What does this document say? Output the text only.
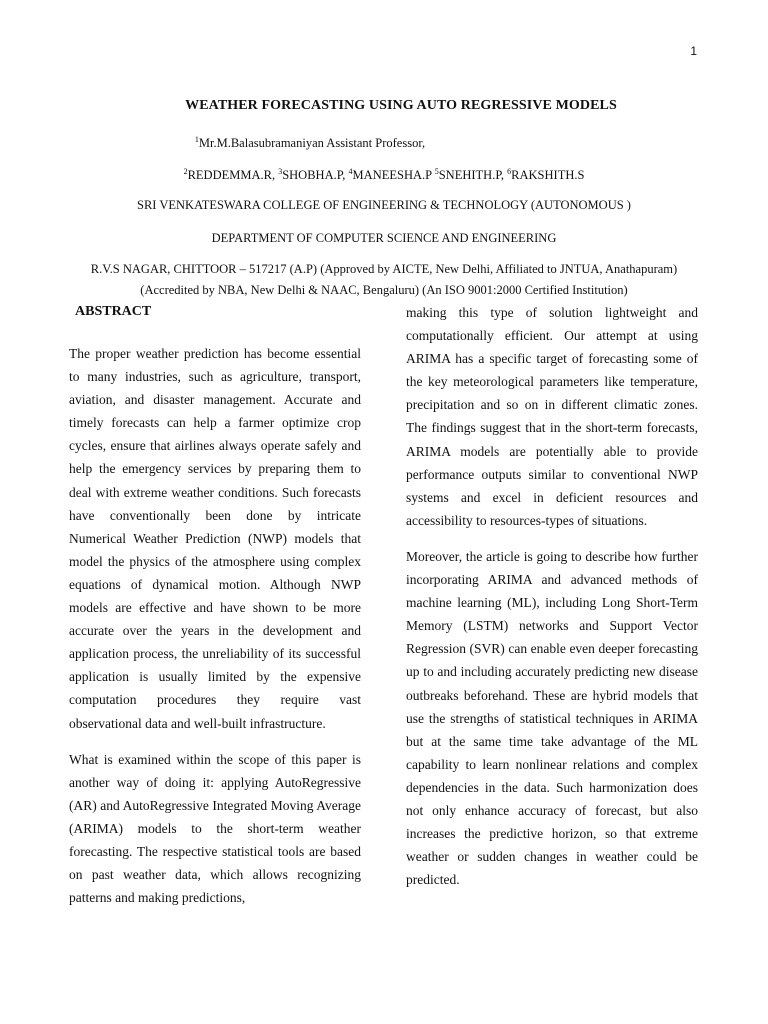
1
WEATHER FORECASTING USING AUTO REGRESSIVE MODELS
$^1$Mr.M.Balasubramaniyan Assistant Professor,
$^2$REDDEMMA.R, $^3$SHOBHA.P, $^4$MANEESHA.P $^5$SNEHITH.P, $^6$RAKSHITH.S
SRI VENKATESWARA COLLEGE OF ENGINEERING & TECHNOLOGY (AUTONOMOUS )
DEPARTMENT OF COMPUTER SCIENCE AND ENGINEERING
R.V.S NAGAR, CHITTOOR – 517217 (A.P) (Approved by AICTE, New Delhi, Affiliated to JNTUA, Anathapuram)
(Accredited by NBA, New Delhi & NAAC, Bengaluru) (An ISO 9001:2000 Certified Institution)
ABSTRACT

The proper weather prediction has become essential to many industries, such as agriculture, transport, aviation, and disaster management. Accurate and timely forecasts can help a farmer optimize crop cycles, ensure that airlines always operate safely and help the emergency services by preparing them to deal with extreme weather conditions. Such forecasts have conventionally been done by intricate Numerical Weather Prediction (NWP) models that model the physics of the atmosphere using complex equations of dynamical motion. Although NWP models are effective and have shown to be more accurate over the years in the development and application process, the unreliability of its successful application is usually limited by the expensive computation procedures they require vast observational data and well-built infrastructure.

What is examined within the scope of this paper is another way of doing it: applying AutoRegressive (AR) and AutoRegressive Integrated Moving Average (ARIMA) models to the short-term weather forecasting. The respective statistical tools are based on past weather data, which allows recognizing patterns and making predictions,

making this type of solution lightweight and computationally efficient. Our attempt at using ARIMA has a specific target of forecasting some of the key meteorological parameters like temperature, precipitation and so on in different climatic zones. The findings suggest that in the short-term forecasts, ARIMA models are potentially able to provide performance outputs similar to conventional NWP systems and excel in deficient resources and accessibility to resources-types of situations.

Moreover, the article is going to describe how further incorporating ARIMA and advanced methods of machine learning (ML), including Long Short-Term Memory (LSTM) networks and Support Vector Regression (SVR) can enable even deeper forecasting up to and including accurately predicting new disease outbreaks beforehand. These are hybrid models that use the strengths of statistical techniques in ARIMA but at the same time take advantage of the ML capability to learn nonlinear relations and complex dependencies in the data. Such harmonization does not only enhance accuracy of forecast, but also increases the predictive horizon, so that extreme weather or sudden changes in weather could be predicted.
